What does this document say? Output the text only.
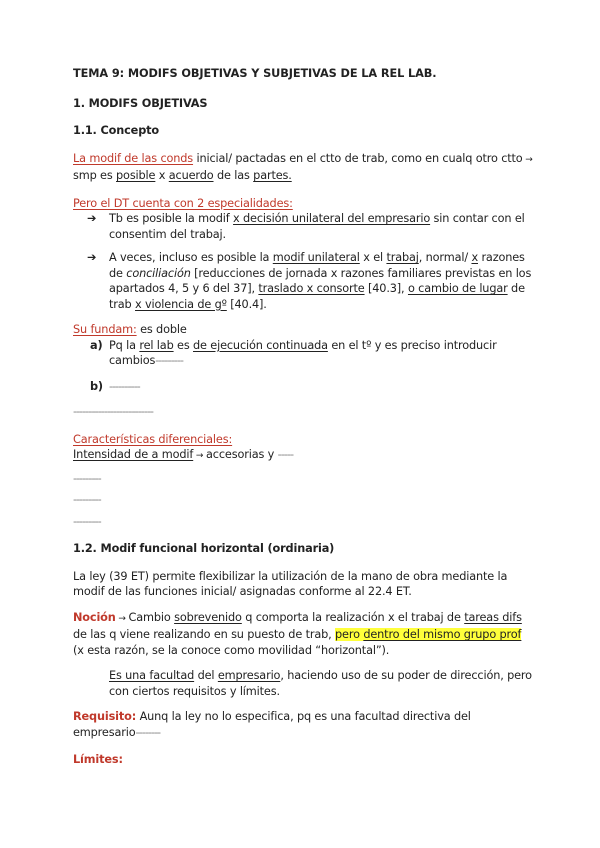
TEMA 9: MODIFS OBJETIVAS Y SUBJETIVAS DE LA REL LAB.

1. MODIFS OBJETIVAS

1.1. Concepto

La modif de las conds inicial/ pactadas en el ctto de trab, como en cualq otro ctto → smp es posible x acuerdo de las partes.

Pero el DT cuenta con 2 especialidades:

➔ Tb es posible la modif x decisión unilateral del empresario sin contar con el consentim del trabaj.
➔ A veces, incluso es posible la modif unilateral x el trabaj, normal/ x razones de conciliación [reducciones de jornada x razones familiares previstas en los apartados 4, 5 y 6 del 37], traslado x consorte [40.3], o cambio de lugar de trab x violencia de gº [40.4].

Su fundam: es doble

a) Pq la rel lab es de ejecución continuada en el tº y es preciso introducir cambios---------
b) ----------

--------------------------

Características diferenciales:

Intensidad de a modif → accesorias y -----

---------

---------

---------

1.2. Modif funcional horizontal (ordinaria)

La ley (39 ET) permite flexibilizar la utilización de la mano de obra mediante la modif de las funciones inicial/ asignadas conforme al 22.4 ET.

Noción → Cambio sobrevenido q comporta la realización x el trabaj de tareas difs de las q viene realizando en su puesto de trab, pero dentro del mismo grupo prof (x esta razón, se la conoce como movilidad “horizontal”).

Es una facultad del empresario, haciendo uso de su poder de dirección, pero con ciertos requisitos y límites.

Requisito: Aunq la ley no lo especifica, pq es una facultad directiva del empresario--------

Límites:
